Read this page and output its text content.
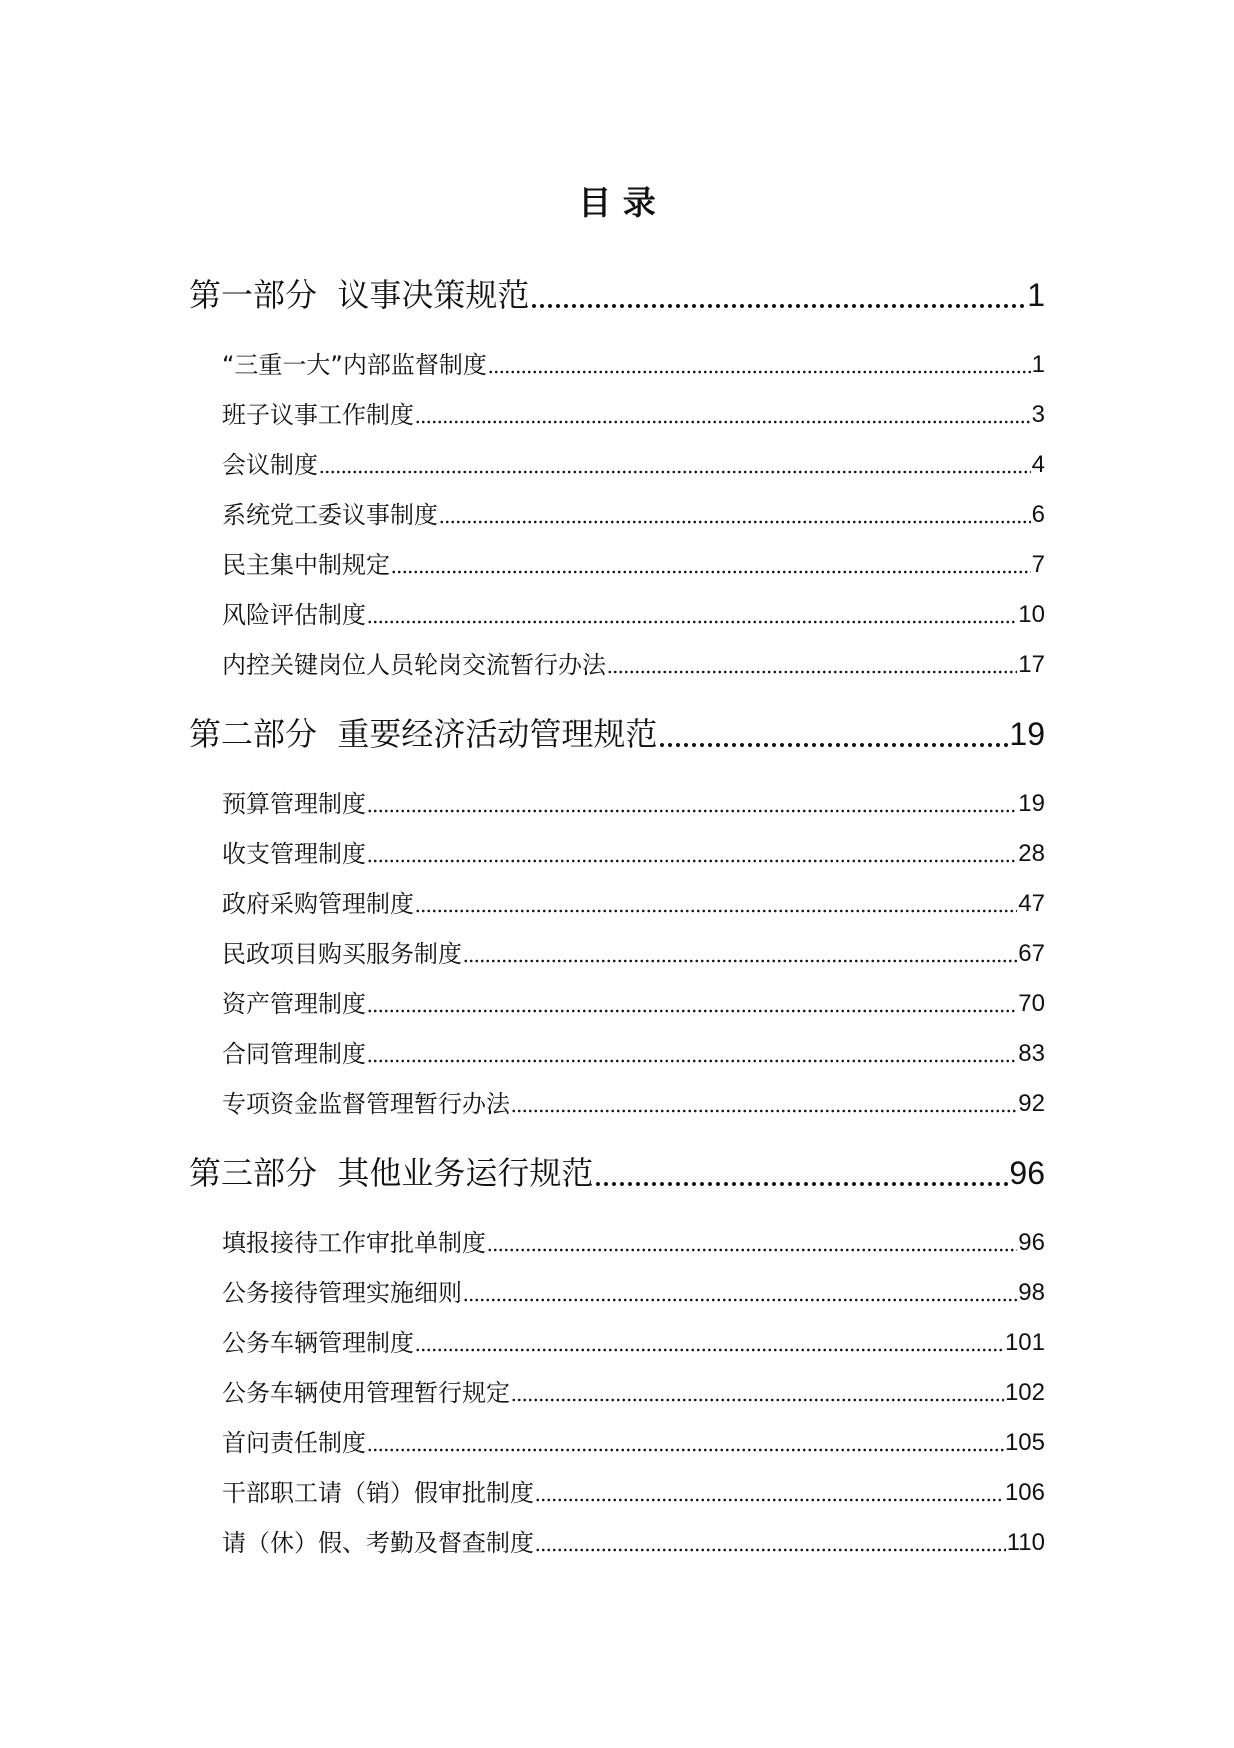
目 录
第一部分  议事决策规范	1
“三重一大”内部监督制度	1
班子议事工作制度	3
会议制度	4
系统党工委议事制度	6
民主集中制规定	7
风险评估制度	10
内控关键岗位人员轮岗交流暂行办法	17
第二部分  重要经济活动管理规范	19
预算管理制度	19
收支管理制度	28
政府采购管理制度	47
民政项目购买服务制度	67
资产管理制度	70
合同管理制度	83
专项资金监督管理暂行办法	92
第三部分  其他业务运行规范	96
填报接待工作审批单制度	96
公务接待管理实施细则	98
公务车辆管理制度	101
公务车辆使用管理暂行规定	102
首问责任制度	105
干部职工请（销）假审批制度	106
请（休）假、考勤及督查制度	110
